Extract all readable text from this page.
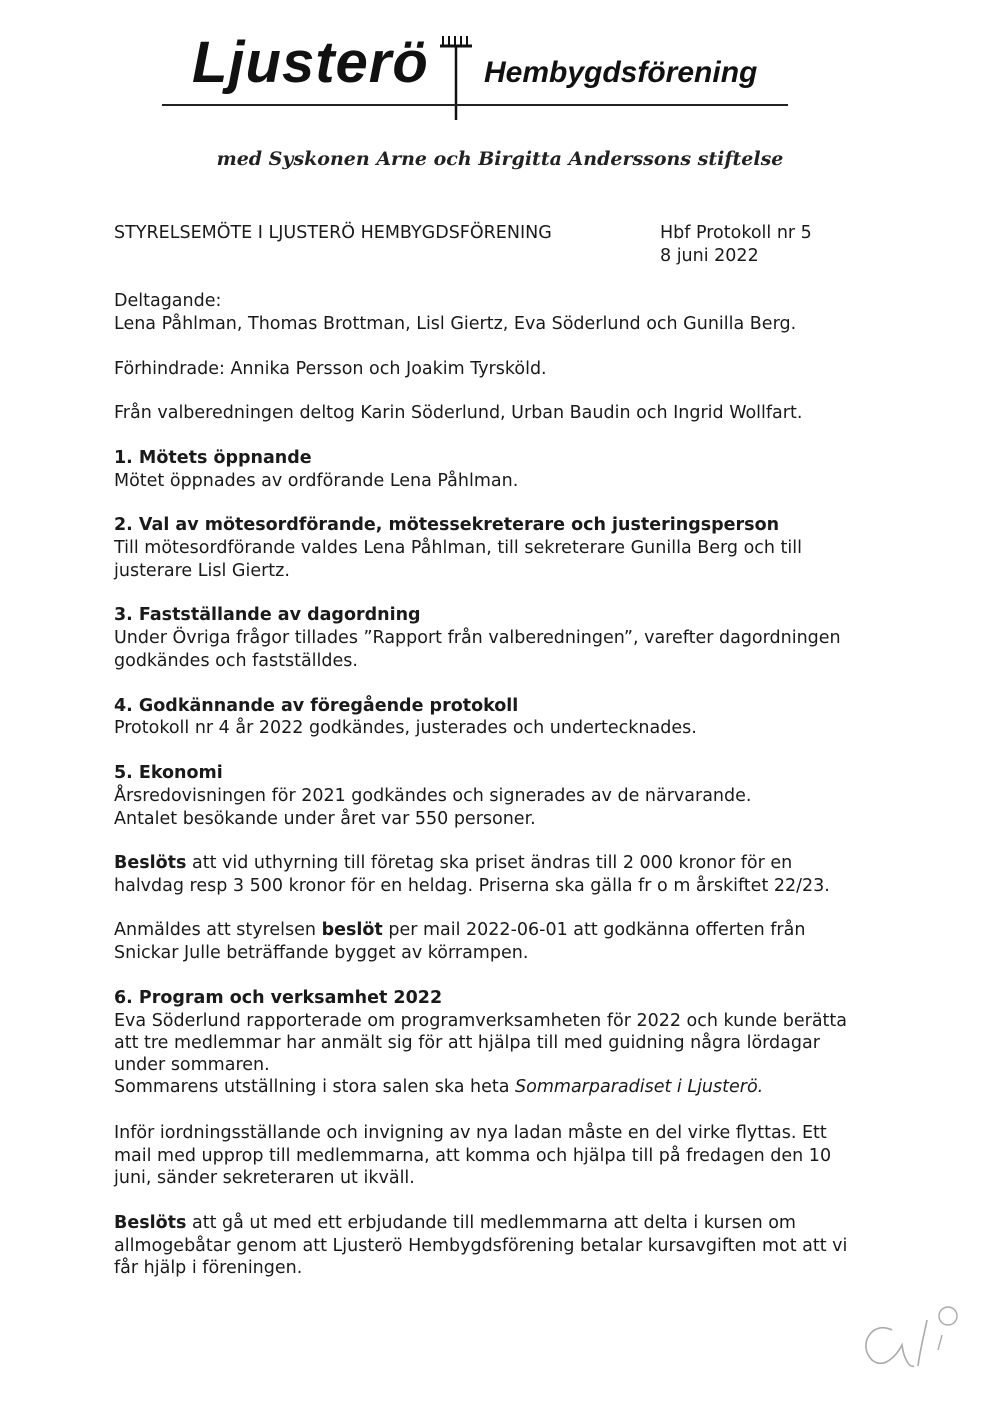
Ljusterö Hembygdsförening
med Syskonen Arne och Birgitta Anderssons stiftelse
STYRELSEMÖTE I LJUSTERÖ HEMBYGDSFÖRENING	Hbf Protokoll nr 5
8 juni 2022
Deltagande:
Lena Påhlman, Thomas Brottman, Lisl Giertz, Eva Söderlund och Gunilla Berg.
Förhindrade: Annika Persson och Joakim Tyrsköld.
Från valberedningen deltog Karin Söderlund, Urban Baudin och Ingrid Wollfart.
1. Mötets öppnande
Mötet öppnades av ordförande Lena Påhlman.
2. Val av mötesordförande, mötessekreterare och justeringsperson
Till mötesordförande valdes Lena Påhlman, till sekreterare Gunilla Berg och till
justerare Lisl Giertz.
3. Fastställande av dagordning
Under Övriga frågor tillades ”Rapport från valberedningen”, varefter dagordningen
godkändes och fastställdes.
4. Godkännande av föregående protokoll
Protokoll nr 4 år 2022 godkändes, justerades och undertecknades.
5. Ekonomi
Årsredovisningen för 2021 godkändes och signerades av de närvarande.
Antalet besökande under året var 550 personer.
Beslöts att vid uthyrning till företag ska priset ändras till 2 000 kronor för en
halvdag resp 3 500 kronor för en heldag. Priserna ska gälla fr o m årskiftet 22/23.
Anmäldes att styrelsen beslöt per mail 2022-06-01 att godkänna offerten från
Snickar Julle beträffande bygget av körrampen.
6. Program och verksamhet 2022
Eva Söderlund rapporterade om programverksamheten för 2022 och kunde berätta
att tre medlemmar har anmält sig för att hjälpa till med guidning några lördagar
under sommaren.
Sommarens utställning i stora salen ska heta Sommarparadiset i Ljusterö.
Inför iordningsställande och invigning av nya ladan måste en del virke flyttas. Ett
mail med upprop till medlemmarna, att komma och hjälpa till på fredagen den 10
juni, sänder sekreteraren ut ikväll.
Beslöts att gå ut med ett erbjudande till medlemmarna att delta i kursen om
allmogebåtar genom att Ljusterö Hembygdsförening betalar kursavgiften mot att vi
får hjälp i föreningen.
